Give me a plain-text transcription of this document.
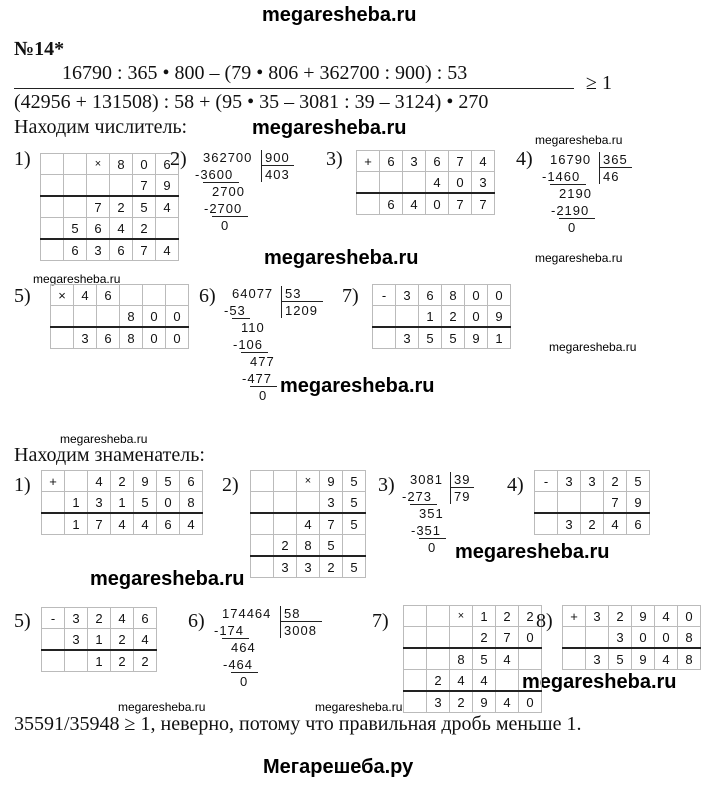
megaresheba.ru
megaresheba.ru
megaresheba.ru
megaresheba.ru
megaresheba.ru
megaresheba.ru
megaresheba.ru
megaresheba.ru
megaresheba.ru
megaresheba.ru
megaresheba.ru
megaresheba.ru
megaresheba.ru	megaresheba.ru
Мегарешеба.ру
№14*
16790 : 365 • 800 – (79 • 806 + 362700 : 900) : 53
(42956 + 131508) : 58 + (95 • 35 – 3081 : 39 – 3124) • 270
≥ 1
Находим числитель:
1)
			×	8	0	6
				7	9
		7	2	5	4
	5	6	4	2	
	6	3	6	7	4
2) 362700 900
403
-3600
2700
-2700
0
3) +	6	3	6	7	4
			4	0	3
	6	4	0	7	7
4) 16790 365
46
-1460
2190
-2190
0
5) ×	4	6			
			8	0	0
	3	6	8	0	0
6) 64077 53
1209
-53
110
-106
477
-477
0
7) -	3	6	8	0	0
		1	2	0	9
	3	5	5	9	1
Находим знаменатель:
1) +		4	2	9	5	6
	1	3	1	5	0	8
	1	7	4	4	6	4
2)
			×	9	5
			3	5
		4	7	5
	2	8	5	
	3	3	2	5
3) 3081 39
79
-273
351
-351
0
4) -	3	3	2	5
			7	9
	3	2	4	6
5) -	3	2	4	6
	3	1	2	4
		1	2	2
6) 174464 58
3008
-174
464
-464
0
7)
			×	1	2	2
			2	7	0
		8	5	4	
	2	4	4		
	3	2	9	4	0
8) +	3	2	9	4	0
		3	0	0	8
	3	5	9	4	8
35591/35948 ≥ 1, неверно, потому что правильная дробь меньше 1.
